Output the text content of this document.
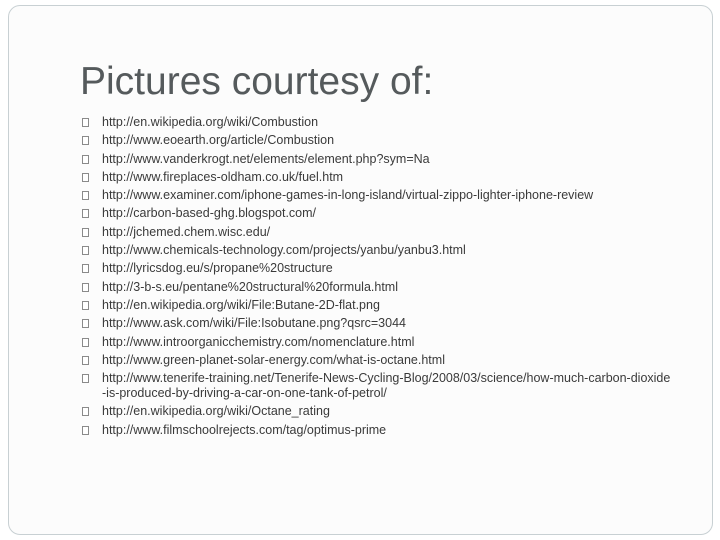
Pictures courtesy of:
http://en.wikipedia.org/wiki/Combustion
http://www.eoearth.org/article/Combustion
http://www.vanderkrogt.net/elements/element.php?sym=Na
http://www.fireplaces-oldham.co.uk/fuel.htm
http://www.examiner.com/iphone-games-in-long-island/virtual-zippo-lighter-iphone-review
http://carbon-based-ghg.blogspot.com/
http://jchemed.chem.wisc.edu/
http://www.chemicals-technology.com/projects/yanbu/yanbu3.html
http://lyricsdog.eu/s/propane%20structure
http://3-b-s.eu/pentane%20structural%20formula.html
http://en.wikipedia.org/wiki/File:Butane-2D-flat.png
http://www.ask.com/wiki/File:Isobutane.png?qsrc=3044
http://www.introorganicchemistry.com/nomenclature.html
http://www.green-planet-solar-energy.com/what-is-octane.html
http://www.tenerife-training.net/Tenerife-News-Cycling-Blog/2008/03/science/how-much-carbon-dioxide-is-produced-by-driving-a-car-on-one-tank-of-petrol/
http://en.wikipedia.org/wiki/Octane_rating
http://www.filmschoolrejects.com/tag/optimus-prime
